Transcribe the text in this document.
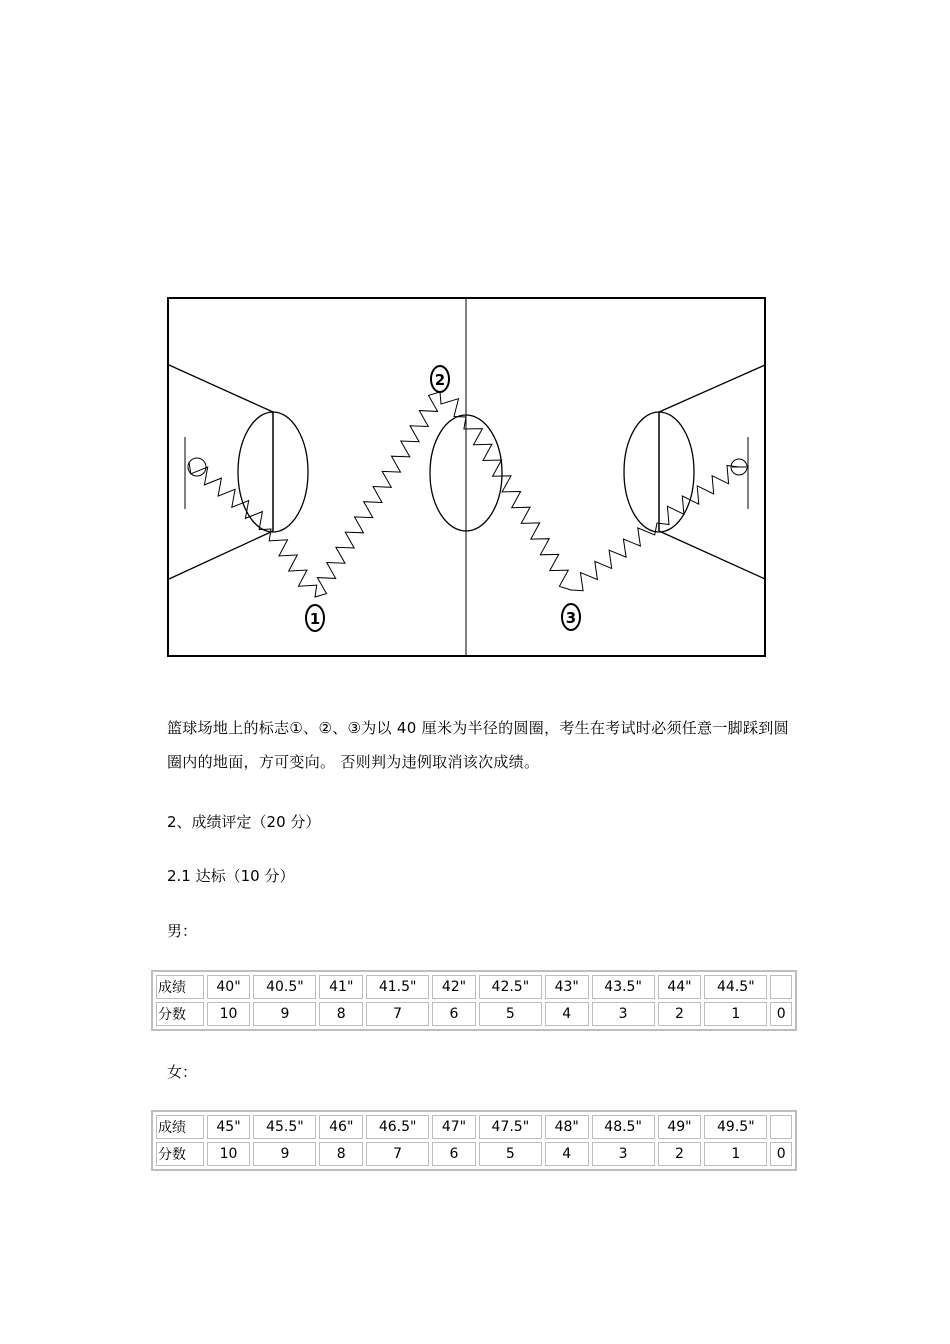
1
2
3

篮球场地上的标志①、②、③为以 40 厘米为半径的圆圈，考生在考试时必须任意一脚踩到圆圈内的地面，方可变向。 否则判为违例取消该次成绩。

2、成绩评定（20 分）

2.1 达标（10 分）

男：

成绩	40"	40.5"	41"	41.5"	42"	42.5"	43"	43.5"	44"	44.5"	
分数	10	9	8	7	6	5	4	3	2	1	0

女：

成绩	45"	45.5"	46"	46.5"	47"	47.5"	48"	48.5"	49"	49.5"	
分数	10	9	8	7	6	5	4	3	2	1	0
